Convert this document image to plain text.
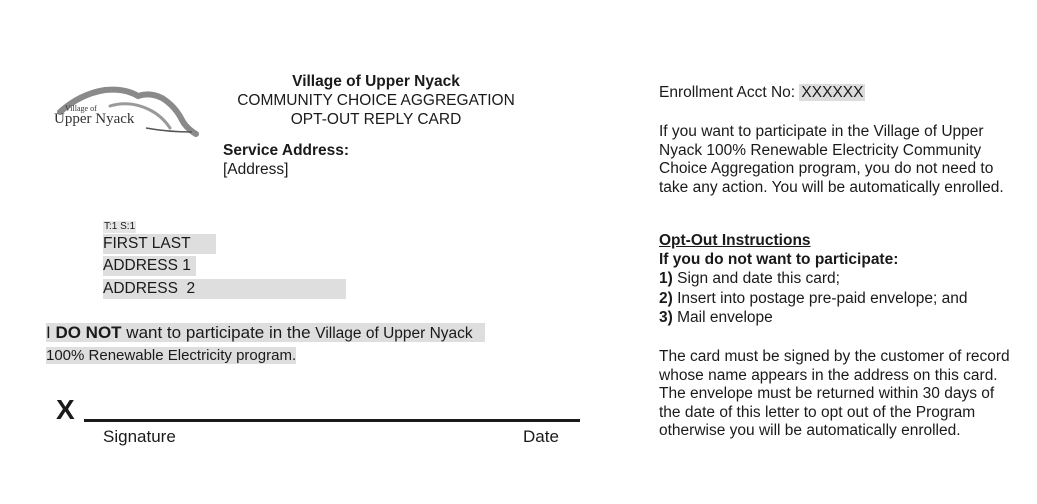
Village of
Upper Nyack
Village of Upper Nyack
COMMUNITY CHOICE AGGREGATION
OPT-OUT REPLY CARD
Service Address:
[Address]
T:1 S:1
FIRST LAST
ADDRESS 1
ADDRESS  2
I DO NOT want to participate in the Village of Upper Nyack
100% Renewable Electricity program.
X
Signature	Date
Enrollment Acct No: XXXXXX
If you want to participate in the Village of Upper Nyack 100% Renewable Electricity Community Choice Aggregation program, you do not need to take any action. You will be automatically enrolled.
Opt-Out Instructions
If you do not want to participate:
1) Sign and date this card;
2) Insert into postage pre-paid envelope; and
3) Mail envelope
The card must be signed by the customer of record whose name appears in the address on this card. The envelope must be returned within 30 days of the date of this letter to opt out of the Program otherwise you will be automatically enrolled.
